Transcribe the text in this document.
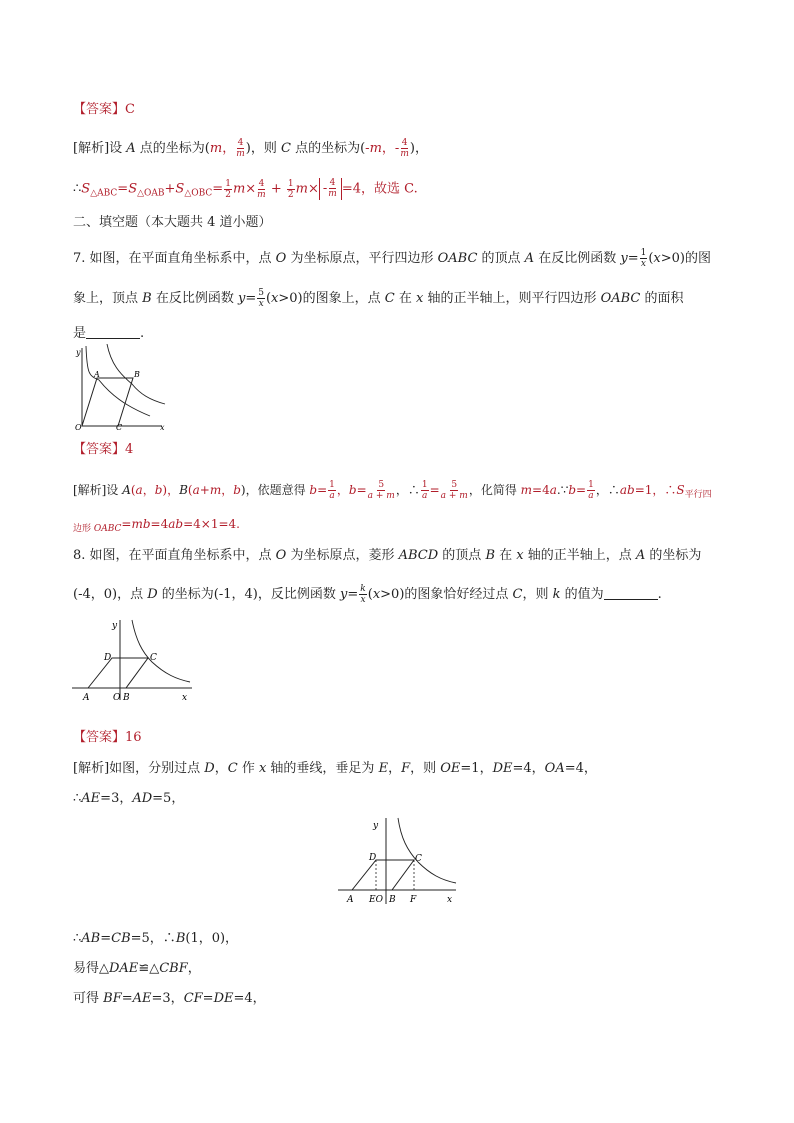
【答案】C
[解析]设 A 点的坐标为(m， $\frac{4}{m}$ )，则 C 点的坐标为(-m，- $\frac{4}{m}$ )，
$\therefore S_{\triangle ABC}=S_{\triangle OAB}+S_{\triangle OBC}= \frac{1}{2} m\times \frac{4}{m} + \frac{1}{2} m\times - \frac{4}{m} =4$，故选 C.
二、填空题（本大题共 4 道小题）
7. 如图，在平面直角坐标系中，点 O 为坐标原点，平行四边形 OABC 的顶点 A 在反比例函数 $y= \frac{1}{x} (x>0)$的图
象上，顶点 B 在反比例函数 $y= \frac{5}{x} (x>0)$的图象上，点 C 在 x 轴的正半轴上，则平行四边形 OABC 的面积
是	.
y
x
O
A	B
C
【答案】4
[解析]设 A(a，b)，B(a+m，b)，依题意得 $b= \frac{1}{a}$ ，$b= \frac{5}{a + m}$ ，∴ $\frac{1}{a} = \frac{5}{a + m}$ ，化简得 m=4a.∵b= $\frac{1}{a}$ ，∴ab=1，$\therefore S_{平行四}$
$_{边形}$ $_{OABC}$=mb=4ab=4×1=4.
8. 如图，在平面直角坐标系中，点 O 为坐标原点，菱形 ABCD 的顶点 B 在 x 轴的正半轴上，点 A 的坐标为
(-4，0)，点 D 的坐标为(-1，4)，反比例函数 $y= \frac{k}{x} (x>0)$的图象恰好经过点 C，则 k 的值为	.
y
x
D	C
A	O B
【答案】16
[解析]如图，分别过点 D，C 作 x 轴的垂线，垂足为 E，F，则 OE=1，DE=4，OA=4，
∴AE=3，AD=5，
y
x
D	C
A EO B F
∴AB=CB=5，∴B(1，0)，
易得△DAE≌△CBF，
可得 BF=AE=3，CF=DE=4，
